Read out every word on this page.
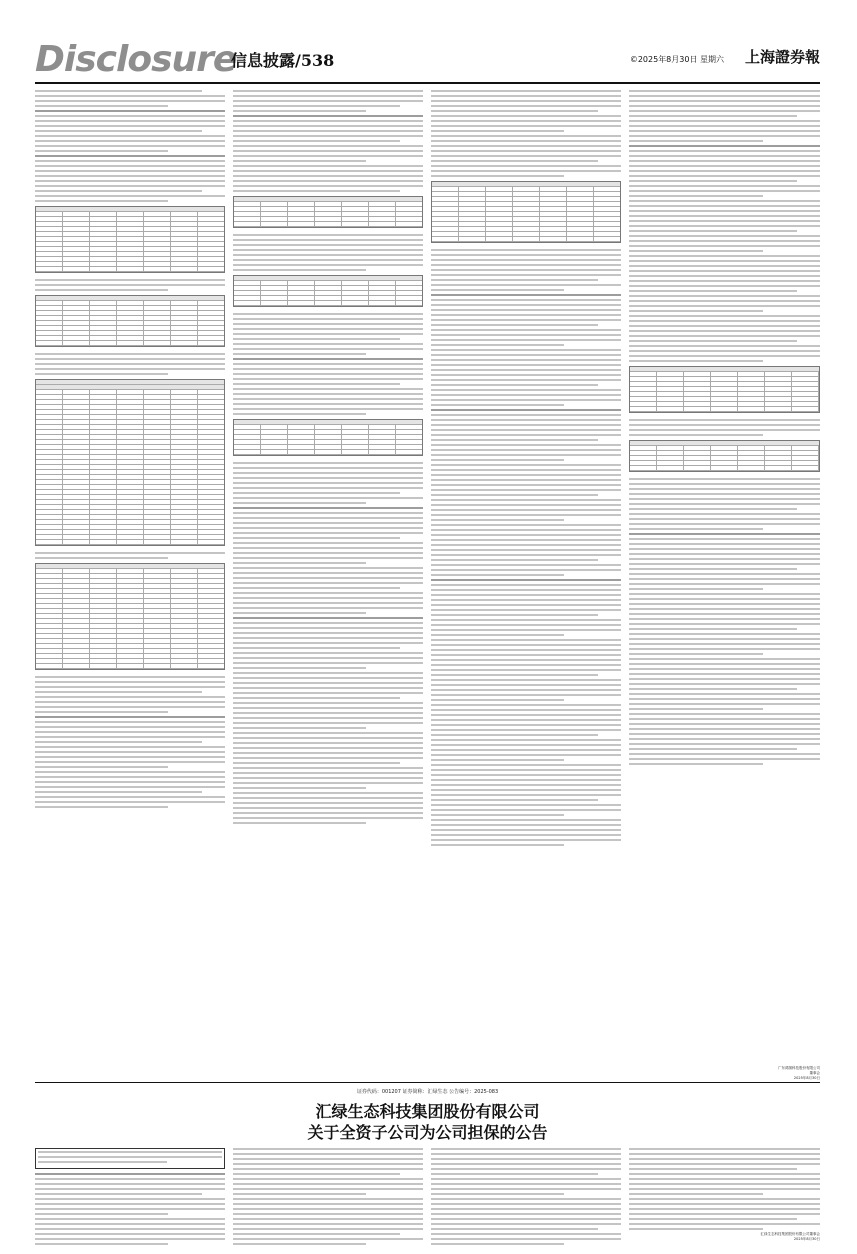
Disclosure
信息披露/538	©2025年8月30日 星期六 上海證券報
广东鸿图科技股份有限公司
董事会
2025年8月30日
证券代码：001207 证券简称：汇绿生态 公告编号：2025-083
汇绿生态科技集团股份有限公司
关于全资子公司为公司担保的公告
汇绿生态科技集团股份有限公司董事会
2025年8月30日
